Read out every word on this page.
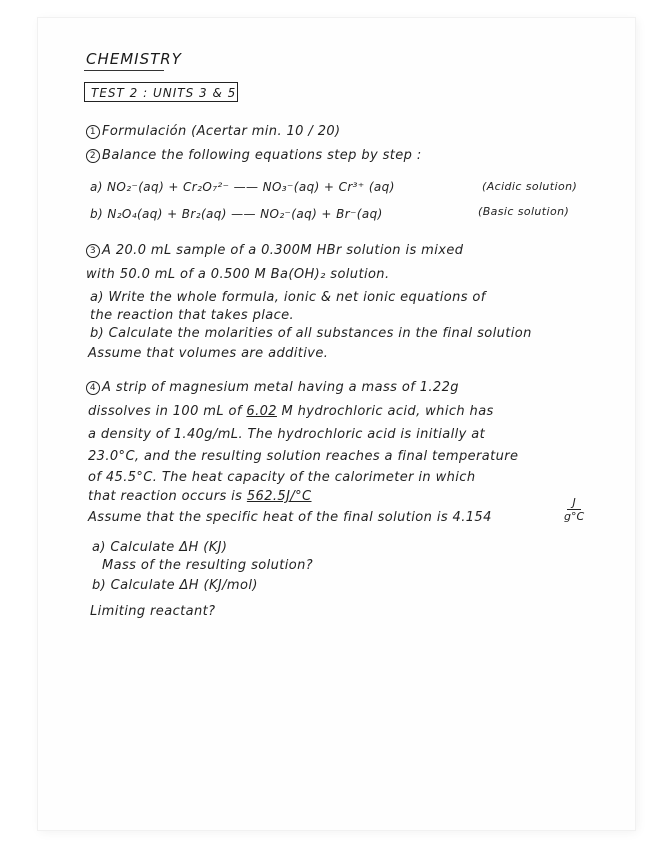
CHEMISTRY
TEST 2 : UNITS 3 & 5
1 Formulación (Acertar min. 10 / 20)
2 Balance the following equations step by step :
a) NO₂⁻(aq) + Cr₂O₇²⁻ —— NO₃⁻(aq) + Cr³⁺ (aq)	(Acidic solution)
b) N₂O₄(aq) + Br₂(aq) —— NO₂⁻(aq) + Br⁻(aq)	(Basic solution)
3 A 20.0 mL sample of a 0.300M HBr solution is mixed
with 50.0 mL of a 0.500 M Ba(OH)₂ solution.
a) Write the whole formula, ionic & net ionic equations of
the reaction that takes place.
b) Calculate the molarities of all substances in the final solution
Assume that volumes are additive.
4 A strip of magnesium metal having a mass of 1.22g
dissolves in 100 mL of 6.02 M hydrochloric acid, which has
a density of 1.40g/mL. The hydrochloric acid is initially at
23.0°C, and the resulting solution reaches a final temperature
of 45.5°C. The heat capacity of the calorimeter in which
that reaction occurs is 562.5J/°C
Assume that the specific heat of the final solution is 4.154
J
g°C
a) Calculate ΔH (KJ)
Mass of the resulting solution?
b) Calculate ΔH (KJ/mol)
Limiting reactant?
